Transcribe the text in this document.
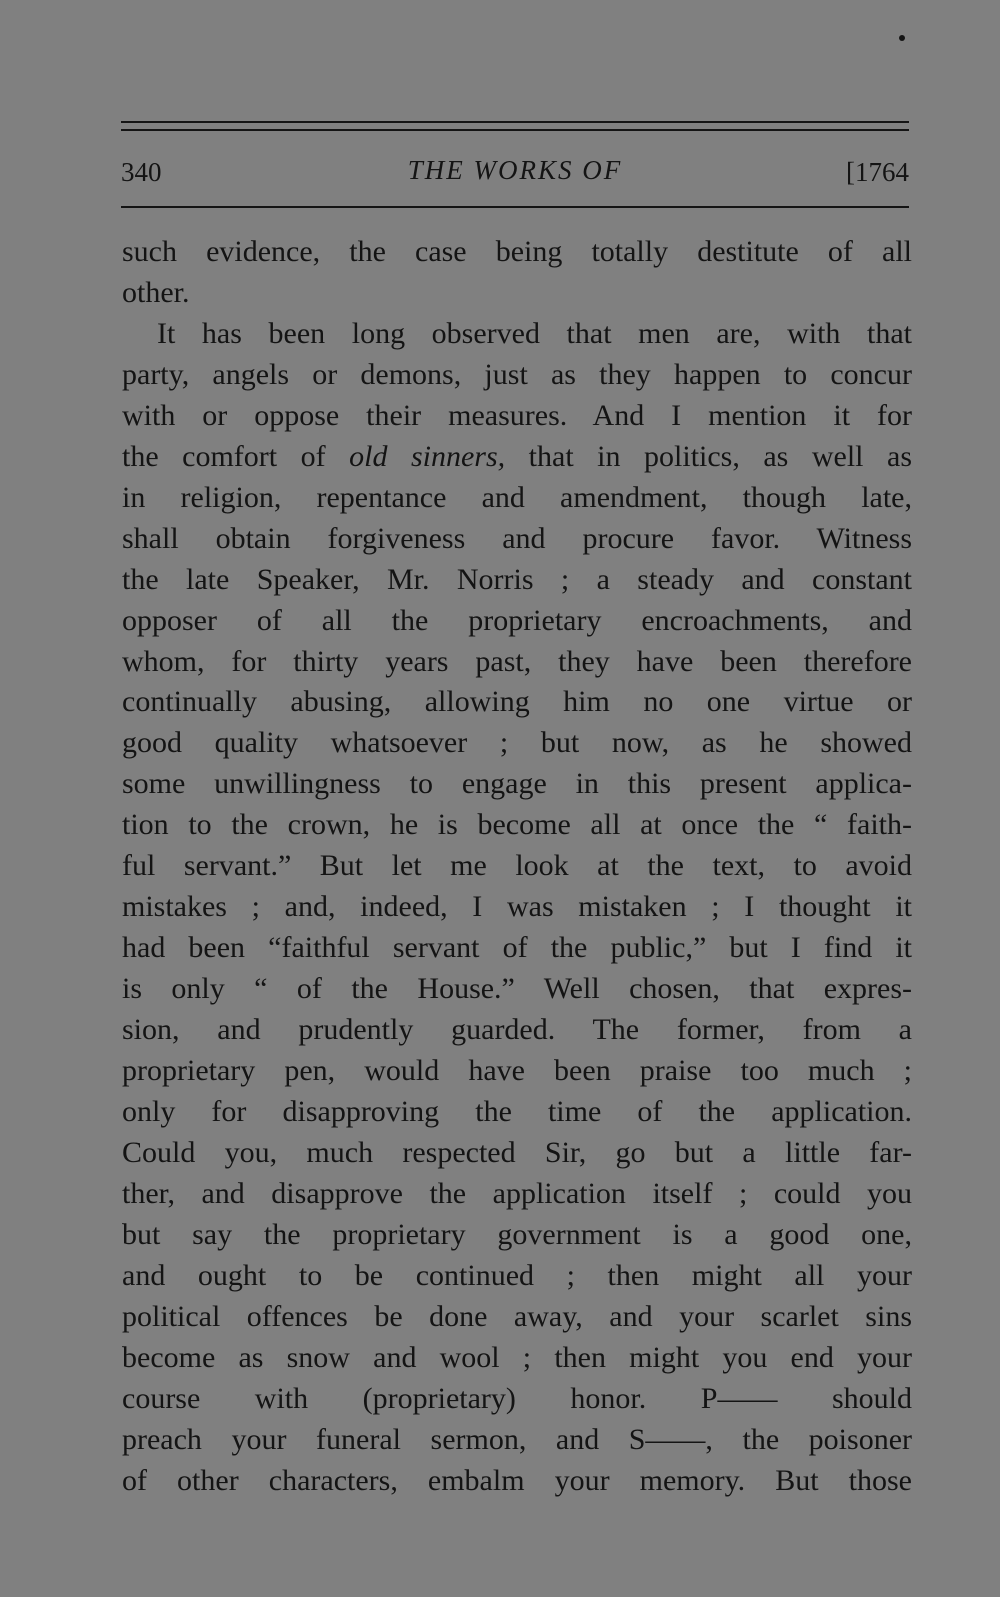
340	THE WORKS OF	[1764
such evidence, the case being totally destitute of all
other.
It has been long observed that men are, with that
party, angels or demons, just as they happen to concur
with or oppose their measures. And I mention it for
the comfort of old sinners, that in politics, as well as
in religion, repentance and amendment, though late,
shall obtain forgiveness and procure favor. Witness
the late Speaker, Mr. Norris ; a steady and constant
opposer of all the proprietary encroachments, and
whom, for thirty years past, they have been therefore
continually abusing, allowing him no one virtue or
good quality whatsoever ; but now, as he showed
some unwillingness to engage in this present applica-
tion to the crown, he is become all at once the “ faith-
ful servant.” But let me look at the text, to avoid
mistakes ; and, indeed, I was mistaken ; I thought it
had been “faithful servant of the public,” but I find it
is only “ of the House.” Well chosen, that expres-
sion, and prudently guarded. The former, from a
proprietary pen, would have been praise too much ;
only for disapproving the time of the application.
Could you, much respected Sir, go but a little far-
ther, and disapprove the application itself ; could you
but say the proprietary government is a good one,
and ought to be continued ; then might all your
political offences be done away, and your scarlet sins
become as snow and wool ; then might you end your
course with (proprietary) honor. P—— should
preach your funeral sermon, and S——, the poisoner
of other characters, embalm your memory. But those
